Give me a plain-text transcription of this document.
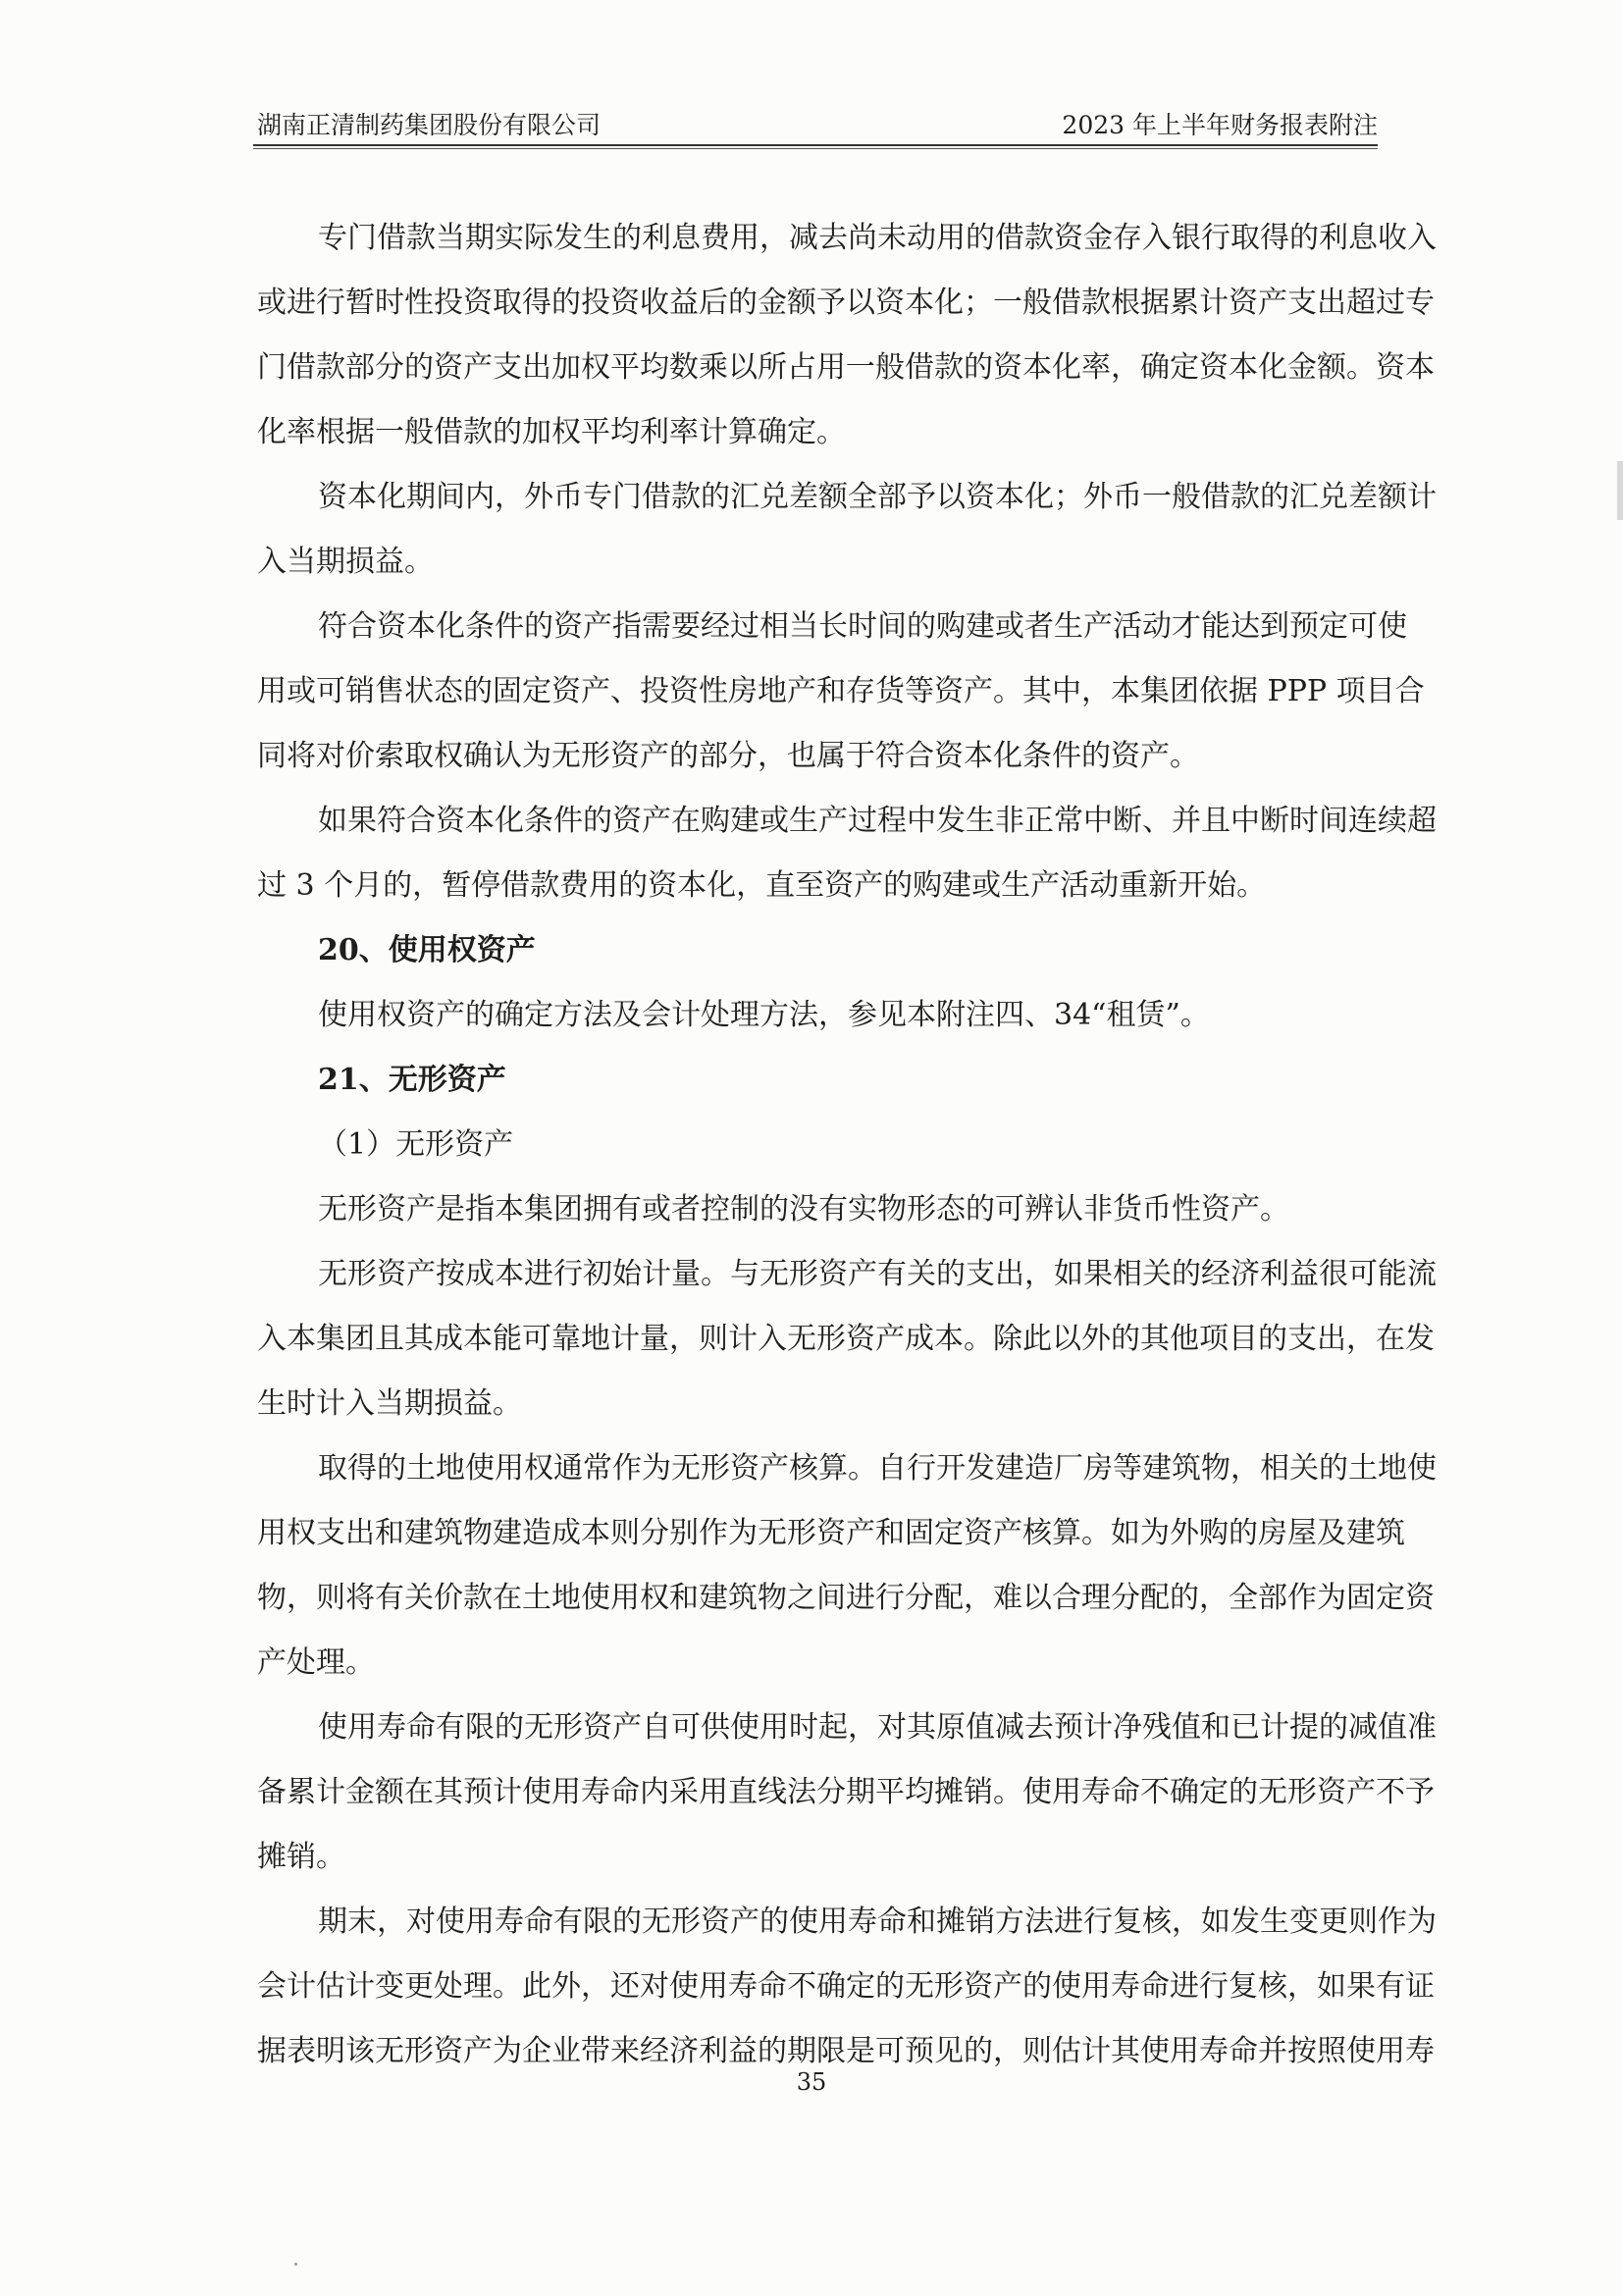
湖南正清制药集团股份有限公司	2023 年上半年财务报表附注
专门借款当期实际发生的利息费用，减去尚未动用的借款资金存入银行取得的利息收入
或进行暂时性投资取得的投资收益后的金额予以资本化；一般借款根据累计资产支出超过专
门借款部分的资产支出加权平均数乘以所占用一般借款的资本化率，确定资本化金额。资本
化率根据一般借款的加权平均利率计算确定。
资本化期间内，外币专门借款的汇兑差额全部予以资本化；外币一般借款的汇兑差额计
入当期损益。
符合资本化条件的资产指需要经过相当长时间的购建或者生产活动才能达到预定可使
用或可销售状态的固定资产、投资性房地产和存货等资产。其中，本集团依据 PPP 项目合
同将对价索取权确认为无形资产的部分，也属于符合资本化条件的资产。
如果符合资本化条件的资产在购建或生产过程中发生非正常中断、并且中断时间连续超
过 3 个月的，暂停借款费用的资本化，直至资产的购建或生产活动重新开始。
20、使用权资产
使用权资产的确定方法及会计处理方法，参见本附注四、34“租赁”。
21、无形资产
（1）无形资产
无形资产是指本集团拥有或者控制的没有实物形态的可辨认非货币性资产。
无形资产按成本进行初始计量。与无形资产有关的支出，如果相关的经济利益很可能流
入本集团且其成本能可靠地计量，则计入无形资产成本。除此以外的其他项目的支出，在发
生时计入当期损益。
取得的土地使用权通常作为无形资产核算。自行开发建造厂房等建筑物，相关的土地使
用权支出和建筑物建造成本则分别作为无形资产和固定资产核算。如为外购的房屋及建筑
物，则将有关价款在土地使用权和建筑物之间进行分配，难以合理分配的，全部作为固定资
产处理。
使用寿命有限的无形资产自可供使用时起，对其原值减去预计净残值和已计提的减值准
备累计金额在其预计使用寿命内采用直线法分期平均摊销。使用寿命不确定的无形资产不予
摊销。
期末，对使用寿命有限的无形资产的使用寿命和摊销方法进行复核，如发生变更则作为
会计估计变更处理。此外，还对使用寿命不确定的无形资产的使用寿命进行复核，如果有证
据表明该无形资产为企业带来经济利益的期限是可预见的，则估计其使用寿命并按照使用寿
35
